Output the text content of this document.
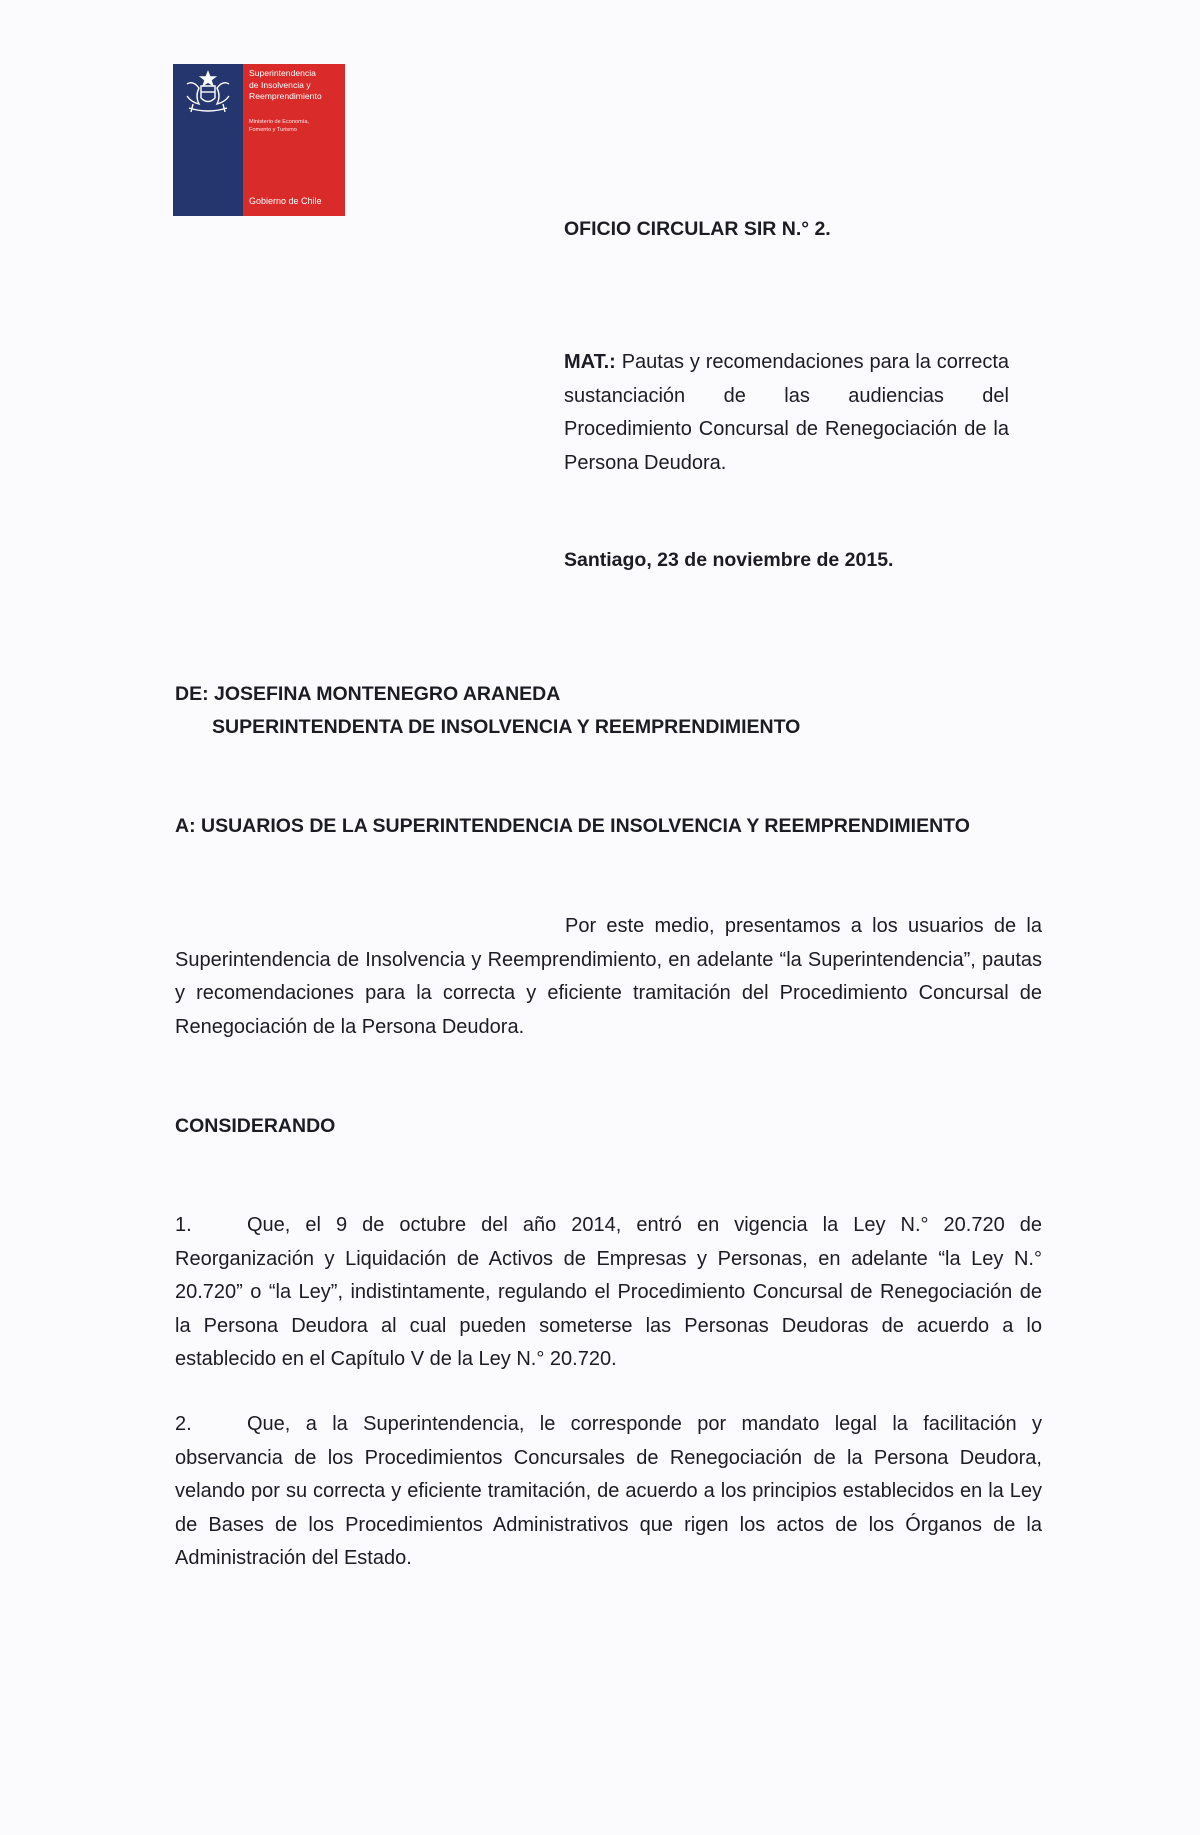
Superintendencia
de Insolvencia y
Reemprendimiento
Ministerio de Economía,
Fomento y Turismo
Gobierno de Chile
OFICIO CIRCULAR SIR N.° 2.
MAT.: Pautas y recomendaciones para la correcta sustanciación de las audiencias del Procedimiento Concursal de Renegociación de la Persona Deudora.
Santiago, 23 de noviembre de 2015.
DE: JOSEFINA MONTENEGRO ARANEDA
SUPERINTENDENTA DE INSOLVENCIA Y REEMPRENDIMIENTO
A: USUARIOS DE LA SUPERINTENDENCIA DE INSOLVENCIA Y REEMPRENDIMIENTO
Por este medio, presentamos a los usuarios de la Superintendencia de Insolvencia y Reemprendimiento, en adelante “la Superintendencia”, pautas y recomendaciones para la correcta y eficiente tramitación del Procedimiento Concursal de Renegociación de la Persona Deudora.
CONSIDERANDO
1.	Que, el 9 de octubre del año 2014, entró en vigencia la Ley N.° 20.720 de Reorganización y Liquidación de Activos de Empresas y Personas, en adelante “la Ley N.° 20.720” o “la Ley”, indistintamente, regulando el Procedimiento Concursal de Renegociación de la Persona Deudora al cual pueden someterse las Personas Deudoras de acuerdo a lo establecido en el Capítulo V de la Ley N.° 20.720.
2.	Que, a la Superintendencia, le corresponde por mandato legal la facilitación y observancia de los Procedimientos Concursales de Renegociación de la Persona Deudora, velando por su correcta y eficiente tramitación, de acuerdo a los principios establecidos en la Ley de Bases de los Procedimientos Administrativos que rigen los actos de los Órganos de la Administración del Estado.
